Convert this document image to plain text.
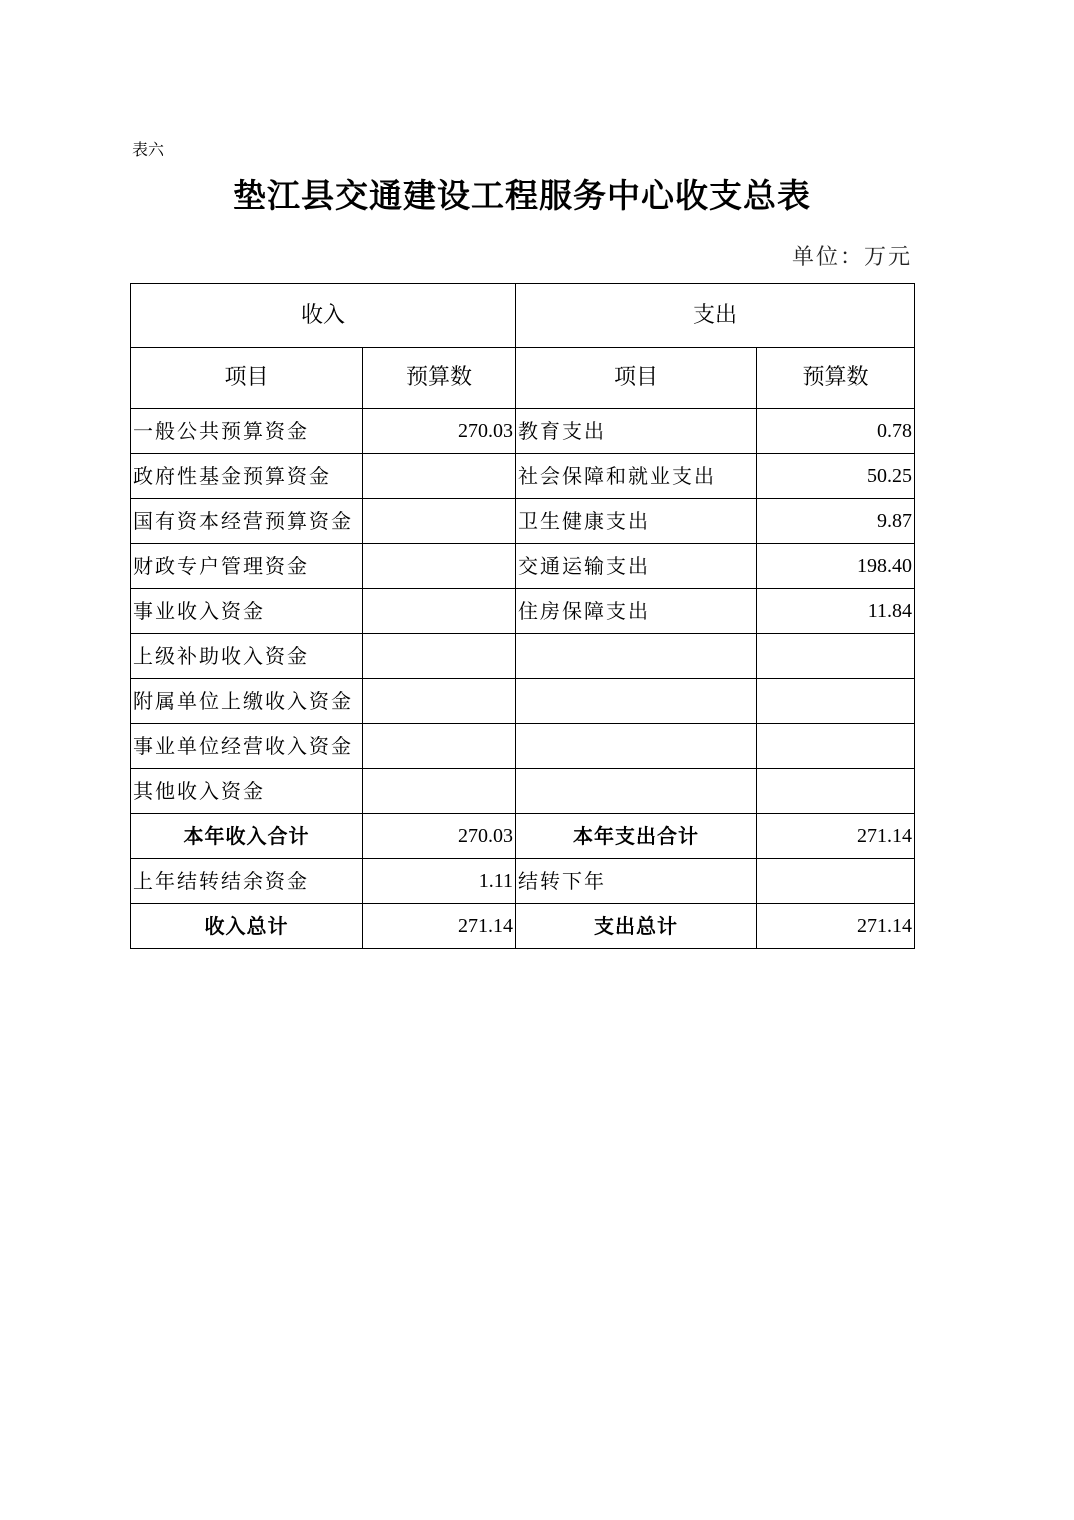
表六
垫江县交通建设工程服务中心收支总表
单位：万元
收入		支出	
项目	预算数	项目	预算数
一般公共预算资金	270.03	教育支出	0.78
政府性基金预算资金		社会保障和就业支出	50.25
国有资本经营预算资金		卫生健康支出	9.87
财政专户管理资金		交通运输支出	198.40
事业收入资金		住房保障支出	11.84
上级补助收入资金			
附属单位上缴收入资金			
事业单位经营收入资金			
其他收入资金			
本年收入合计	270.03	本年支出合计	271.14
上年结转结余资金	1.11	结转下年	
收入总计	271.14	支出总计	271.14
